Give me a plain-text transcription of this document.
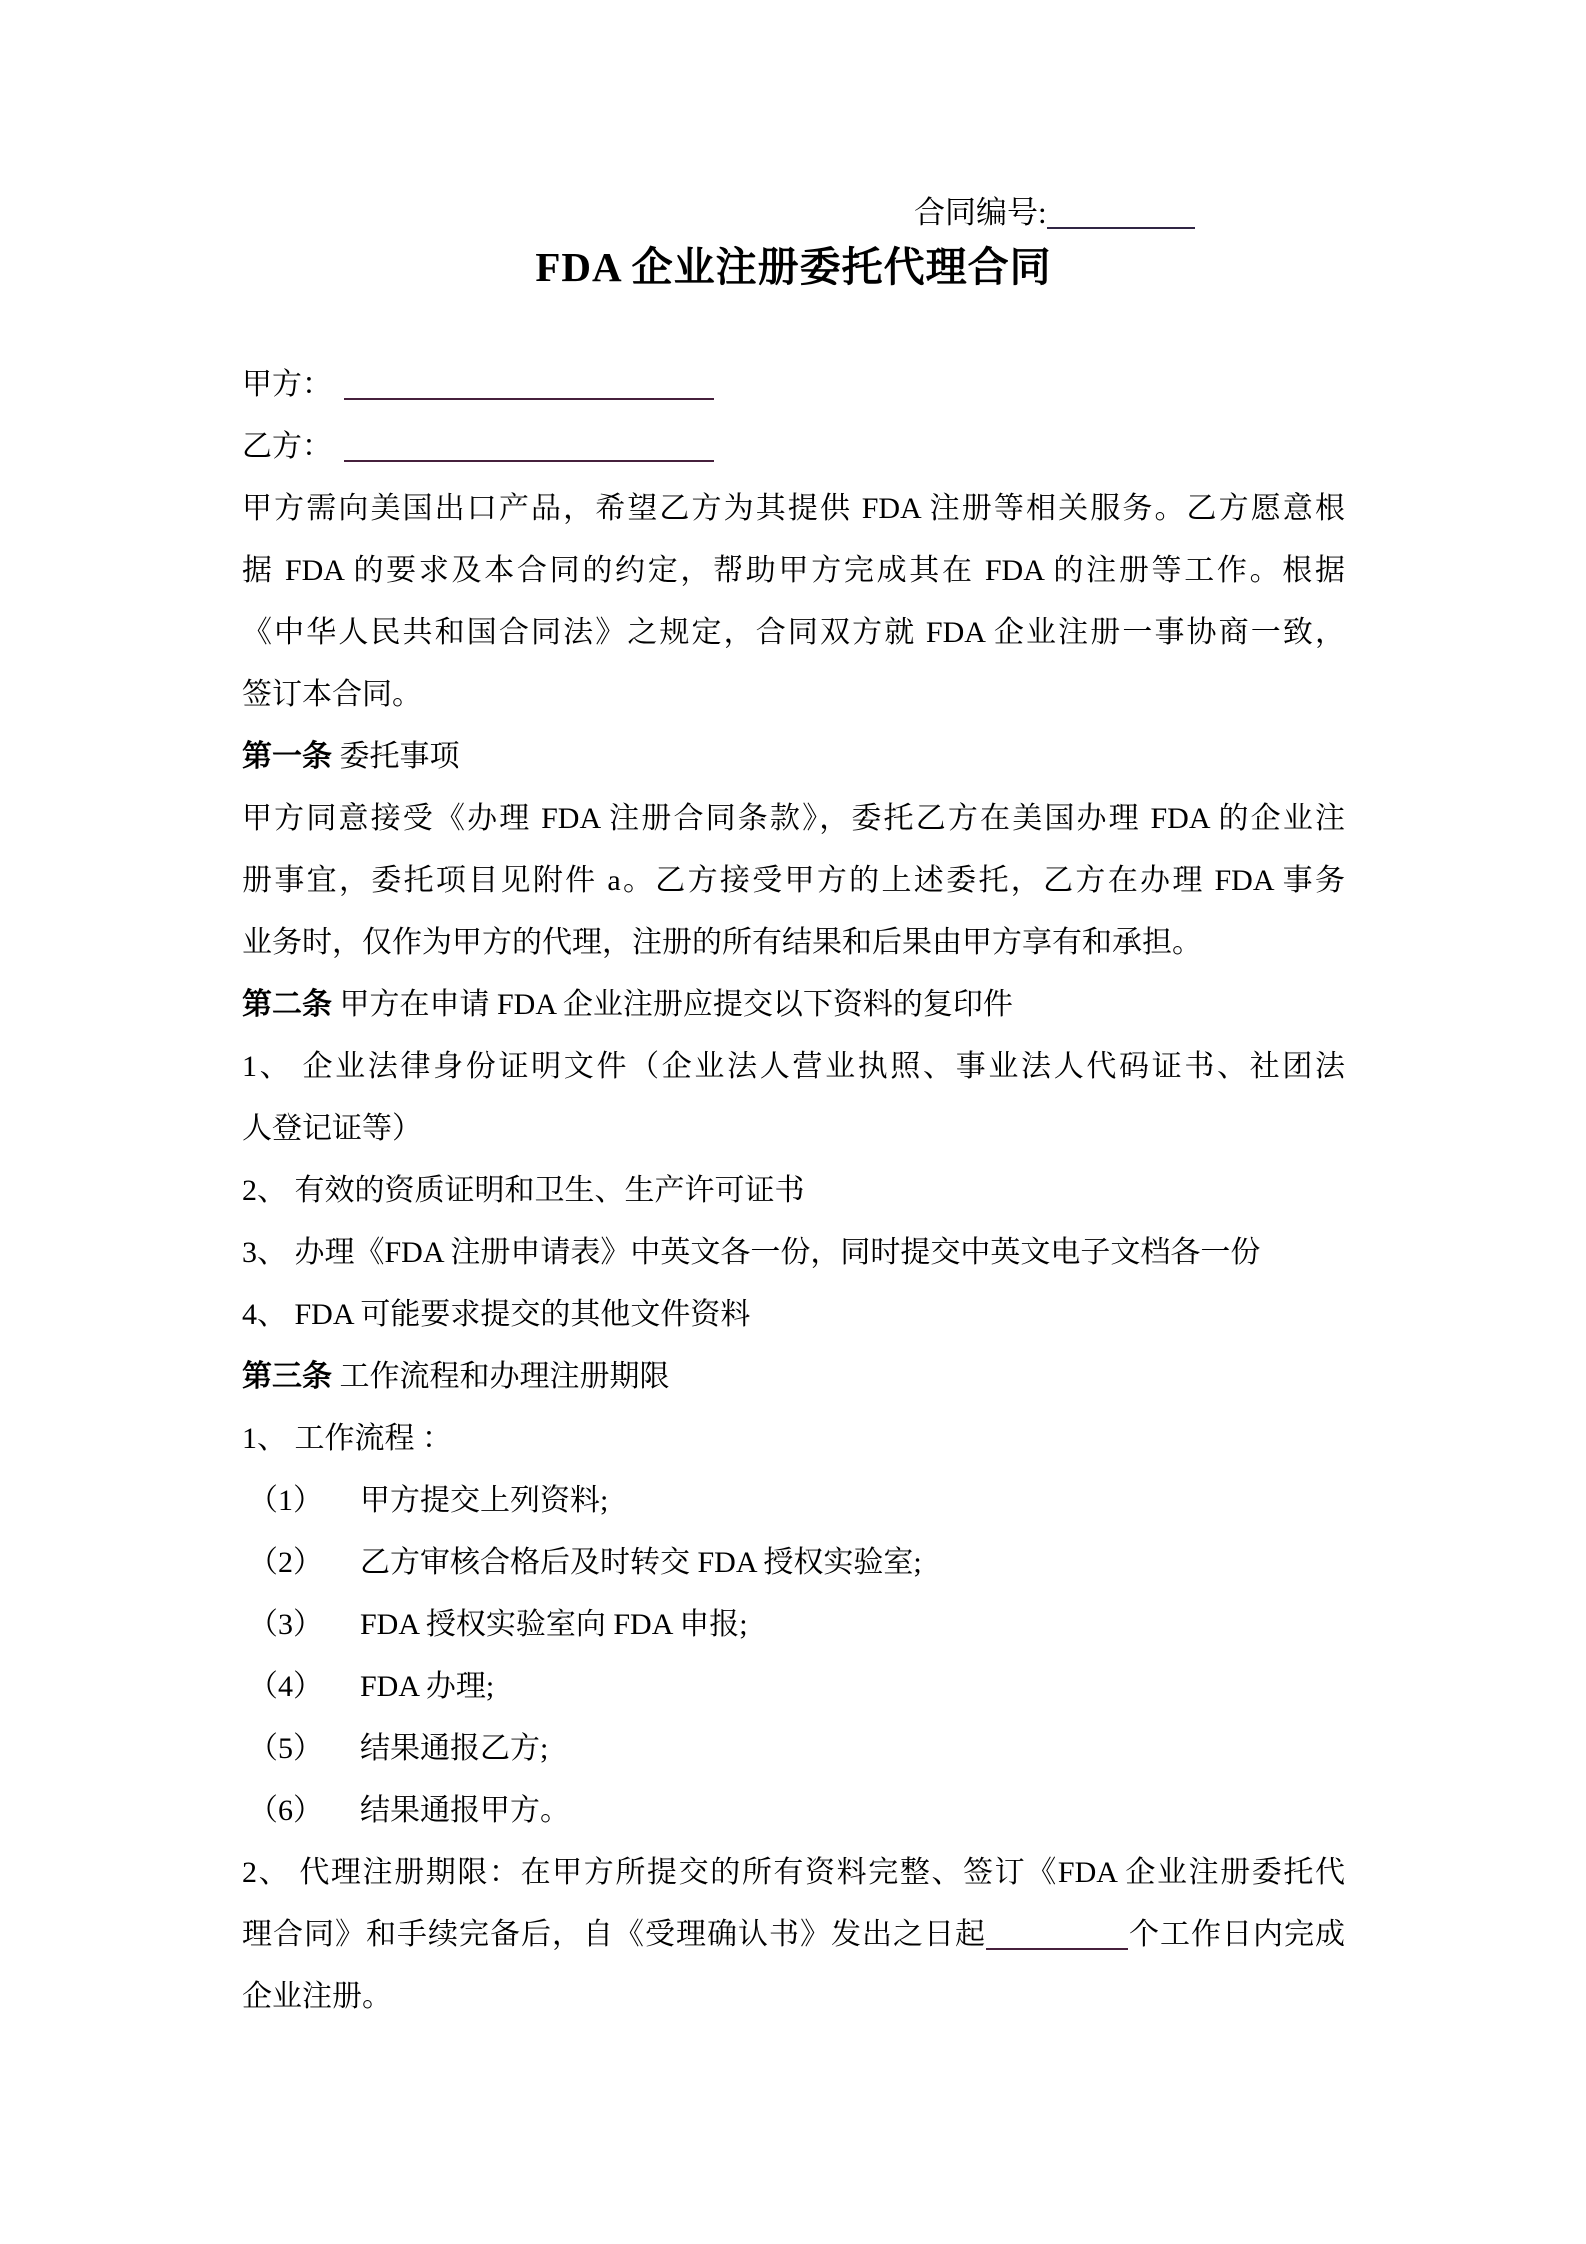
合同编号:
FDA 企业注册委托代理合同
甲方：
乙方：
甲方需向美国出口产品，希望乙方为其提供 FDA 注册等相关服务。乙方愿意根
据 FDA 的要求及本合同的约定，帮助甲方完成其在 FDA 的注册等工作。根据
《中华人民共和国合同法》之规定，合同双方就 FDA 企业注册一事协商一致，
签订本合同。
第一条 委托事项
甲方同意接受《办理 FDA 注册合同条款》，委托乙方在美国办理 FDA 的企业注
册事宜，委托项目见附件 a。乙方接受甲方的上述委托，乙方在办理 FDA 事务
业务时，仅作为甲方的代理，注册的所有结果和后果由甲方享有和承担。
第二条 甲方在申请 FDA 企业注册应提交以下资料的复印件
1、 企业法律身份证明文件（企业法人营业执照、事业法人代码证书、社团法
人登记证等）
2、 有效的资质证明和卫生、生产许可证书
3、 办理《FDA 注册申请表》中英文各一份，同时提交中英文电子文档各一份
4、 FDA 可能要求提交的其他文件资料
第三条 工作流程和办理注册期限
1、 工作流程 ：
（1） 甲方提交上列资料;
（2） 乙方审核合格后及时转交 FDA 授权实验室;
（3） FDA 授权实验室向 FDA 申报;
（4） FDA 办理;
（5） 结果通报乙方;
（6） 结果通报甲方。
2、 代理注册期限：在甲方所提交的所有资料完整、签订《FDA 企业注册委托代
理合同》和手续完备后，自《受理确认书》发出之日起	个工作日内完成
企业注册。
